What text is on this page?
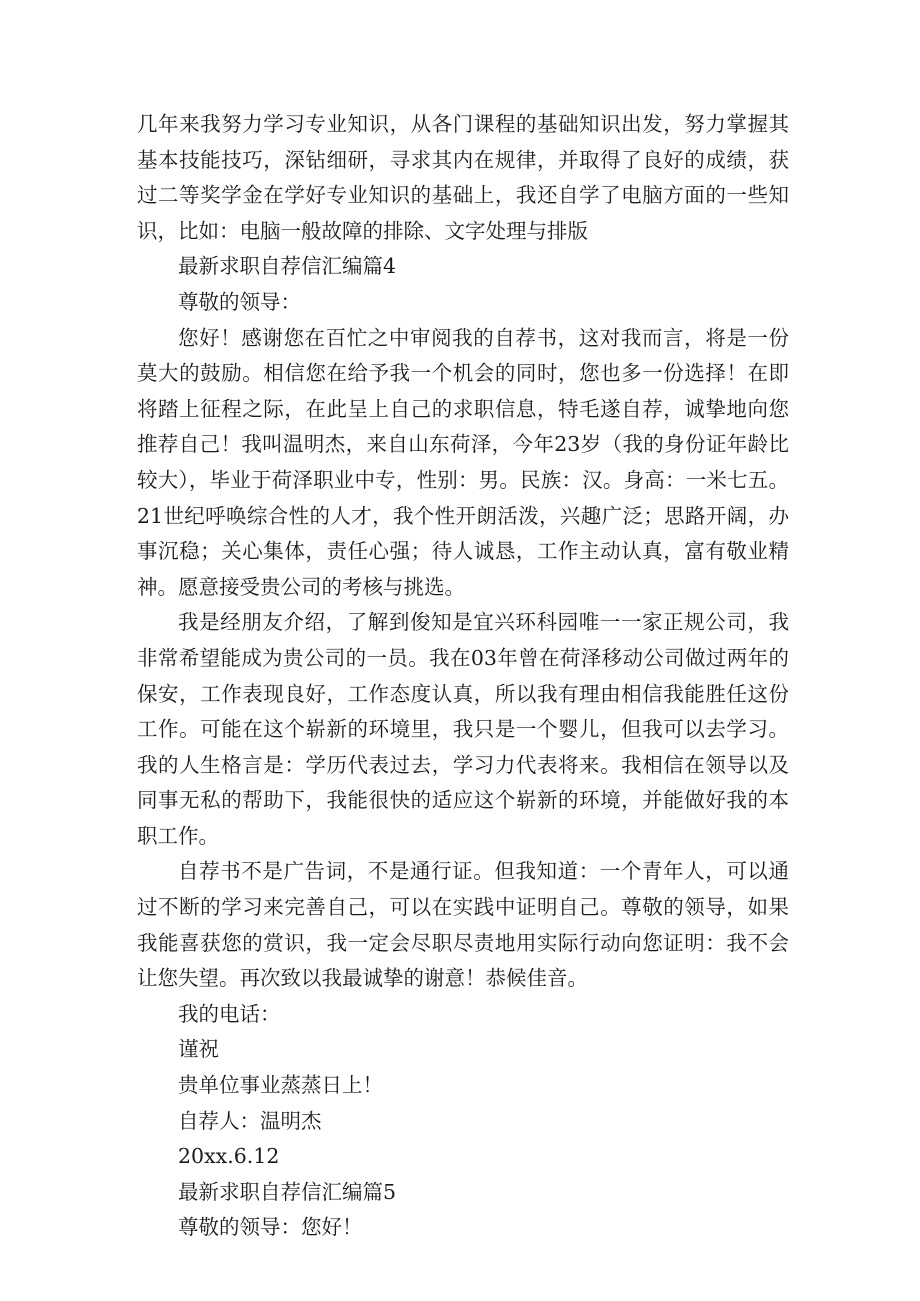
几年来我努力学习专业知识，从各门课程的基础知识出发，努力掌握其基本技能技巧，深钻细研，寻求其内在规律，并取得了良好的成绩，获过二等奖学金在学好专业知识的基础上，我还自学了电脑方面的一些知识，比如：电脑一般故障的排除、文字处理与排版

最新求职自荐信汇编篇4

尊敬的领导：

您好！感谢您在百忙之中审阅我的自荐书，这对我而言，将是一份莫大的鼓励。相信您在给予我一个机会的同时，您也多一份选择！在即将踏上征程之际，在此呈上自己的求职信息，特毛遂自荐，诚挚地向您推荐自己！我叫温明杰，来自山东荷泽，今年23岁（我的身份证年龄比较大），毕业于荷泽职业中专，性别：男。民族：汉。身高：一米七五。21世纪呼唤综合性的人才，我个性开朗活泼，兴趣广泛；思路开阔，办事沉稳；关心集体，责任心强；待人诚恳，工作主动认真，富有敬业精神。愿意接受贵公司的考核与挑选。

我是经朋友介绍，了解到俊知是宜兴环科园唯一一家正规公司，我非常希望能成为贵公司的一员。我在03年曾在荷泽移动公司做过两年的保安，工作表现良好，工作态度认真，所以我有理由相信我能胜任这份工作。可能在这个崭新的环境里，我只是一个婴儿，但我可以去学习。我的人生格言是：学历代表过去，学习力代表将来。我相信在领导以及同事无私的帮助下，我能很快的适应这个崭新的环境，并能做好我的本职工作。

自荐书不是广告词，不是通行证。但我知道：一个青年人，可以通过不断的学习来完善自己，可以在实践中证明自己。尊敬的领导，如果我能喜获您的赏识，我一定会尽职尽责地用实际行动向您证明：我不会让您失望。再次致以我最诚挚的谢意！恭候佳音。

我的电话：

谨祝

贵单位事业蒸蒸日上！

自荐人：温明杰

20xx.6.12

最新求职自荐信汇编篇5

尊敬的领导：您好！
